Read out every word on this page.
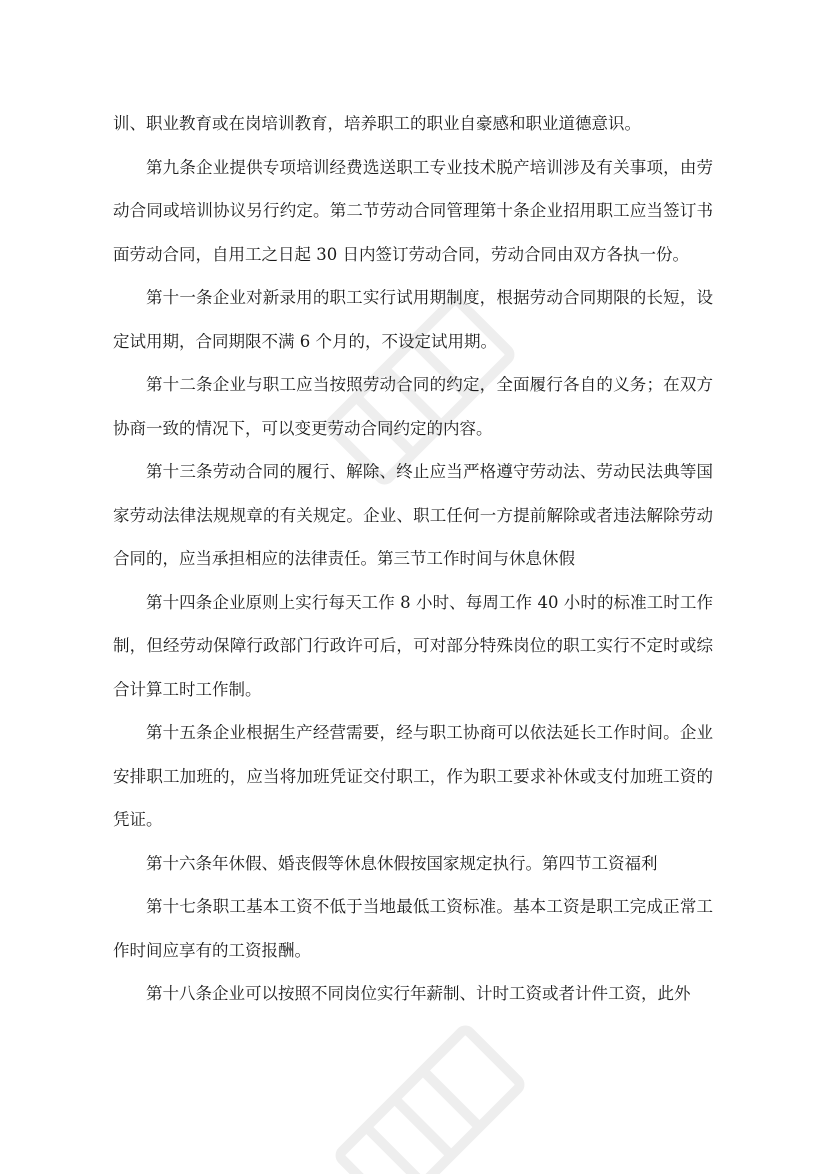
训、职业教育或在岗培训教育，培养职工的职业自豪感和职业道德意识。

第九条企业提供专项培训经费选送职工专业技术脱产培训涉及有关事项，由劳动合同或培训协议另行约定。第二节劳动合同管理第十条企业招用职工应当签订书面劳动合同，自用工之日起 30 日内签订劳动合同，劳动合同由双方各执一份。

第十一条企业对新录用的职工实行试用期制度，根据劳动合同期限的长短，设定试用期，合同期限不满 6 个月的，不设定试用期。

第十二条企业与职工应当按照劳动合同的约定，全面履行各自的义务；在双方协商一致的情况下，可以变更劳动合同约定的内容。

第十三条劳动合同的履行、解除、终止应当严格遵守劳动法、劳动民法典等国家劳动法律法规规章的有关规定。企业、职工任何一方提前解除或者违法解除劳动合同的，应当承担相应的法律责任。第三节工作时间与休息休假

第十四条企业原则上实行每天工作 8 小时、每周工作 40 小时的标准工时工作制，但经劳动保障行政部门行政许可后，可对部分特殊岗位的职工实行不定时或综合计算工时工作制。

第十五条企业根据生产经营需要，经与职工协商可以依法延长工作时间。企业安排职工加班的，应当将加班凭证交付职工，作为职工要求补休或支付加班工资的凭证。

第十六条年休假、婚丧假等休息休假按国家规定执行。第四节工资福利

第十七条职工基本工资不低于当地最低工资标准。基本工资是职工完成正常工作时间应享有的工资报酬。

第十八条企业可以按照不同岗位实行年薪制、计时工资或者计件工资，此外
